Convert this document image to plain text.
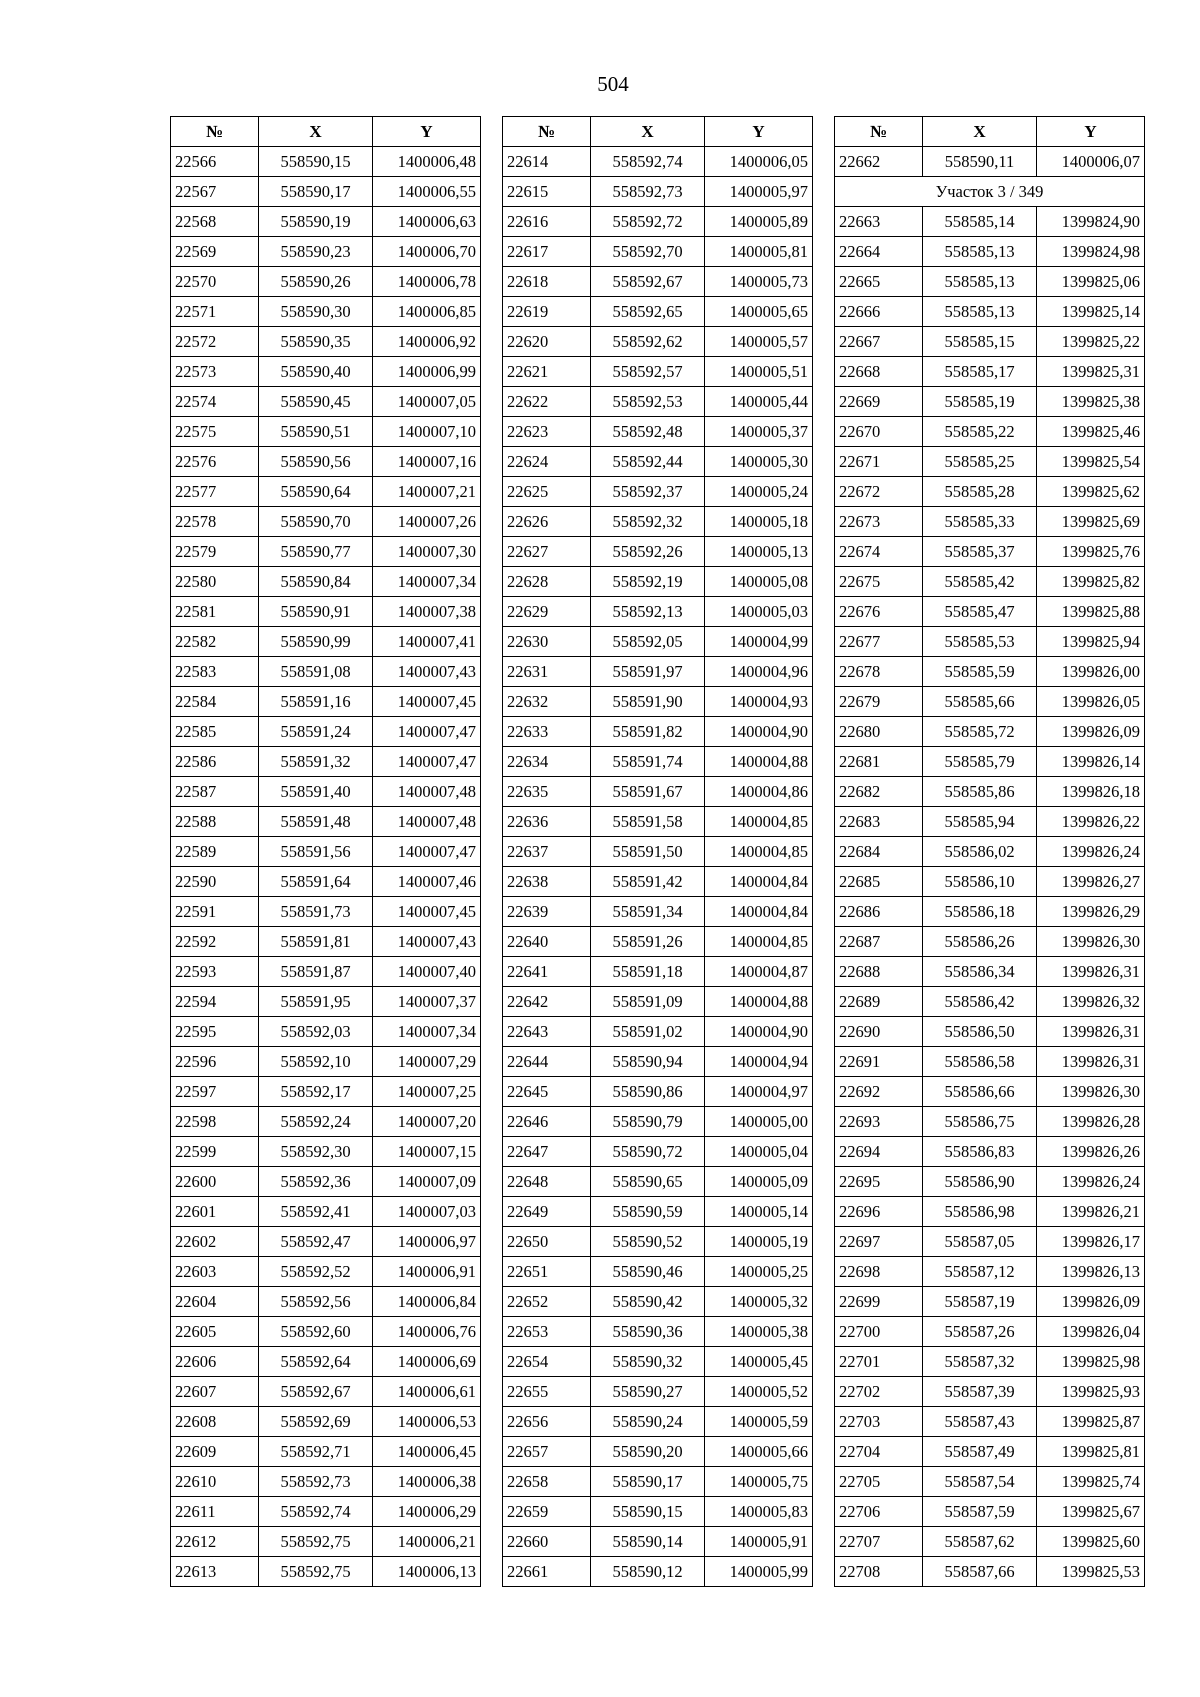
504
№	X	Y
22566	558590,15	1400006,48
22567	558590,17	1400006,55
22568	558590,19	1400006,63
22569	558590,23	1400006,70
22570	558590,26	1400006,78
22571	558590,30	1400006,85
22572	558590,35	1400006,92
22573	558590,40	1400006,99
22574	558590,45	1400007,05
22575	558590,51	1400007,10
22576	558590,56	1400007,16
22577	558590,64	1400007,21
22578	558590,70	1400007,26
22579	558590,77	1400007,30
22580	558590,84	1400007,34
22581	558590,91	1400007,38
22582	558590,99	1400007,41
22583	558591,08	1400007,43
22584	558591,16	1400007,45
22585	558591,24	1400007,47
22586	558591,32	1400007,47
22587	558591,40	1400007,48
22588	558591,48	1400007,48
22589	558591,56	1400007,47
22590	558591,64	1400007,46
22591	558591,73	1400007,45
22592	558591,81	1400007,43
22593	558591,87	1400007,40
22594	558591,95	1400007,37
22595	558592,03	1400007,34
22596	558592,10	1400007,29
22597	558592,17	1400007,25
22598	558592,24	1400007,20
22599	558592,30	1400007,15
22600	558592,36	1400007,09
22601	558592,41	1400007,03
22602	558592,47	1400006,97
22603	558592,52	1400006,91
22604	558592,56	1400006,84
22605	558592,60	1400006,76
22606	558592,64	1400006,69
22607	558592,67	1400006,61
22608	558592,69	1400006,53
22609	558592,71	1400006,45
22610	558592,73	1400006,38
22611	558592,74	1400006,29
22612	558592,75	1400006,21
22613	558592,75	1400006,13
№	X	Y
22614	558592,74	1400006,05
22615	558592,73	1400005,97
22616	558592,72	1400005,89
22617	558592,70	1400005,81
22618	558592,67	1400005,73
22619	558592,65	1400005,65
22620	558592,62	1400005,57
22621	558592,57	1400005,51
22622	558592,53	1400005,44
22623	558592,48	1400005,37
22624	558592,44	1400005,30
22625	558592,37	1400005,24
22626	558592,32	1400005,18
22627	558592,26	1400005,13
22628	558592,19	1400005,08
22629	558592,13	1400005,03
22630	558592,05	1400004,99
22631	558591,97	1400004,96
22632	558591,90	1400004,93
22633	558591,82	1400004,90
22634	558591,74	1400004,88
22635	558591,67	1400004,86
22636	558591,58	1400004,85
22637	558591,50	1400004,85
22638	558591,42	1400004,84
22639	558591,34	1400004,84
22640	558591,26	1400004,85
22641	558591,18	1400004,87
22642	558591,09	1400004,88
22643	558591,02	1400004,90
22644	558590,94	1400004,94
22645	558590,86	1400004,97
22646	558590,79	1400005,00
22647	558590,72	1400005,04
22648	558590,65	1400005,09
22649	558590,59	1400005,14
22650	558590,52	1400005,19
22651	558590,46	1400005,25
22652	558590,42	1400005,32
22653	558590,36	1400005,38
22654	558590,32	1400005,45
22655	558590,27	1400005,52
22656	558590,24	1400005,59
22657	558590,20	1400005,66
22658	558590,17	1400005,75
22659	558590,15	1400005,83
22660	558590,14	1400005,91
22661	558590,12	1400005,99
№	X	Y
22662	558590,11	1400006,07
Участок 3 / 349		
22663	558585,14	1399824,90
22664	558585,13	1399824,98
22665	558585,13	1399825,06
22666	558585,13	1399825,14
22667	558585,15	1399825,22
22668	558585,17	1399825,31
22669	558585,19	1399825,38
22670	558585,22	1399825,46
22671	558585,25	1399825,54
22672	558585,28	1399825,62
22673	558585,33	1399825,69
22674	558585,37	1399825,76
22675	558585,42	1399825,82
22676	558585,47	1399825,88
22677	558585,53	1399825,94
22678	558585,59	1399826,00
22679	558585,66	1399826,05
22680	558585,72	1399826,09
22681	558585,79	1399826,14
22682	558585,86	1399826,18
22683	558585,94	1399826,22
22684	558586,02	1399826,24
22685	558586,10	1399826,27
22686	558586,18	1399826,29
22687	558586,26	1399826,30
22688	558586,34	1399826,31
22689	558586,42	1399826,32
22690	558586,50	1399826,31
22691	558586,58	1399826,31
22692	558586,66	1399826,30
22693	558586,75	1399826,28
22694	558586,83	1399826,26
22695	558586,90	1399826,24
22696	558586,98	1399826,21
22697	558587,05	1399826,17
22698	558587,12	1399826,13
22699	558587,19	1399826,09
22700	558587,26	1399826,04
22701	558587,32	1399825,98
22702	558587,39	1399825,93
22703	558587,43	1399825,87
22704	558587,49	1399825,81
22705	558587,54	1399825,74
22706	558587,59	1399825,67
22707	558587,62	1399825,60
22708	558587,66	1399825,53
